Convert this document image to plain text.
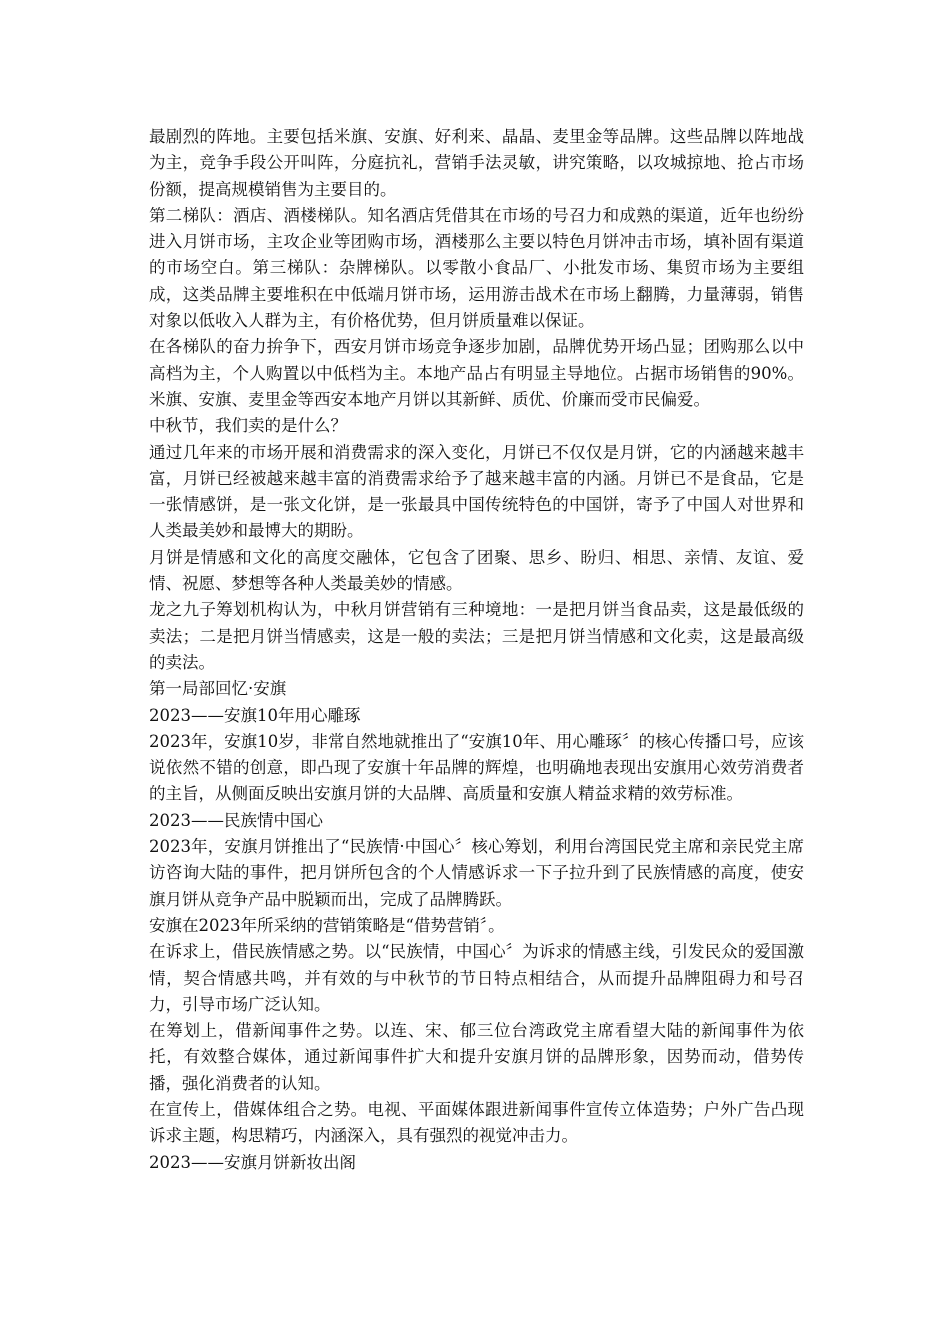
最剧烈的阵地。主要包括米旗、安旗、好利来、晶晶、麦里金等品牌。这些品牌以阵地战为主，竞争手段公开叫阵，分庭抗礼，营销手法灵敏，讲究策略，以攻城掠地、抢占市场份额，提高规模销售为主要目的。

第二梯队：酒店、酒楼梯队。知名酒店凭借其在市场的号召力和成熟的渠道，近年也纷纷进入月饼市场，主攻企业等团购市场，酒楼那么主要以特色月饼冲击市场，填补固有渠道的市场空白。第三梯队：杂牌梯队。以零散小食品厂、小批发市场、集贸市场为主要组成，这类品牌主要堆积在中低端月饼市场，运用游击战术在市场上翻腾，力量薄弱，销售对象以低收入人群为主，有价格优势，但月饼质量难以保证。

在各梯队的奋力拚争下，西安月饼市场竞争逐步加剧，品牌优势开场凸显；团购那么以中高档为主，个人购置以中低档为主。本地产品占有明显主导地位。占据市场销售的90%。米旗、安旗、麦里金等西安本地产月饼以其新鲜、质优、价廉而受市民偏爱。

中秋节，我们卖的是什么？

通过几年来的市场开展和消费需求的深入变化，月饼已不仅仅是月饼，它的内涵越来越丰富，月饼已经被越来越丰富的消费需求给予了越来越丰富的内涵。月饼已不是食品，它是一张情感饼，是一张文化饼，是一张最具中国传统特色的中国饼，寄予了中国人对世界和人类最美妙和最博大的期盼。

月饼是情感和文化的高度交融体，它包含了团聚、思乡、盼归、相思、亲情、友谊、爱情、祝愿、梦想等各种人类最美妙的情感。

龙之九子筹划机构认为，中秋月饼营销有三种境地：一是把月饼当食品卖，这是最低级的卖法；二是把月饼当情感卖，这是一般的卖法；三是把月饼当情感和文化卖，这是最高级的卖法。

第一局部回忆·安旗

2023——安旗10年用心雕琢

2023年，安旗10岁，非常自然地就推出了“安旗10年、用心雕琢〞的核心传播口号，应该说依然不错的创意，即凸现了安旗十年品牌的辉煌，也明确地表现出安旗用心效劳消费者的主旨，从侧面反映出安旗月饼的大品牌、高质量和安旗人精益求精的效劳标准。

2023——民族情中国心

2023年，安旗月饼推出了“民族情·中国心〞核心筹划，利用台湾国民党主席和亲民党主席访咨询大陆的事件，把月饼所包含的个人情感诉求一下子拉升到了民族情感的高度，使安旗月饼从竞争产品中脱颖而出，完成了品牌腾跃。

安旗在2023年所采纳的营销策略是“借势营销〞。

在诉求上，借民族情感之势。以“民族情，中国心〞为诉求的情感主线，引发民众的爱国激情，契合情感共鸣，并有效的与中秋节的节日特点相结合，从而提升品牌阻碍力和号召力，引导市场广泛认知。

在筹划上，借新闻事件之势。以连、宋、郁三位台湾政党主席看望大陆的新闻事件为依托，有效整合媒体，通过新闻事件扩大和提升安旗月饼的品牌形象，因势而动，借势传播，强化消费者的认知。

在宣传上，借媒体组合之势。电视、平面媒体跟进新闻事件宣传立体造势；户外广告凸现诉求主题，构思精巧，内涵深入，具有强烈的视觉冲击力。

2023——安旗月饼新妆出阁
